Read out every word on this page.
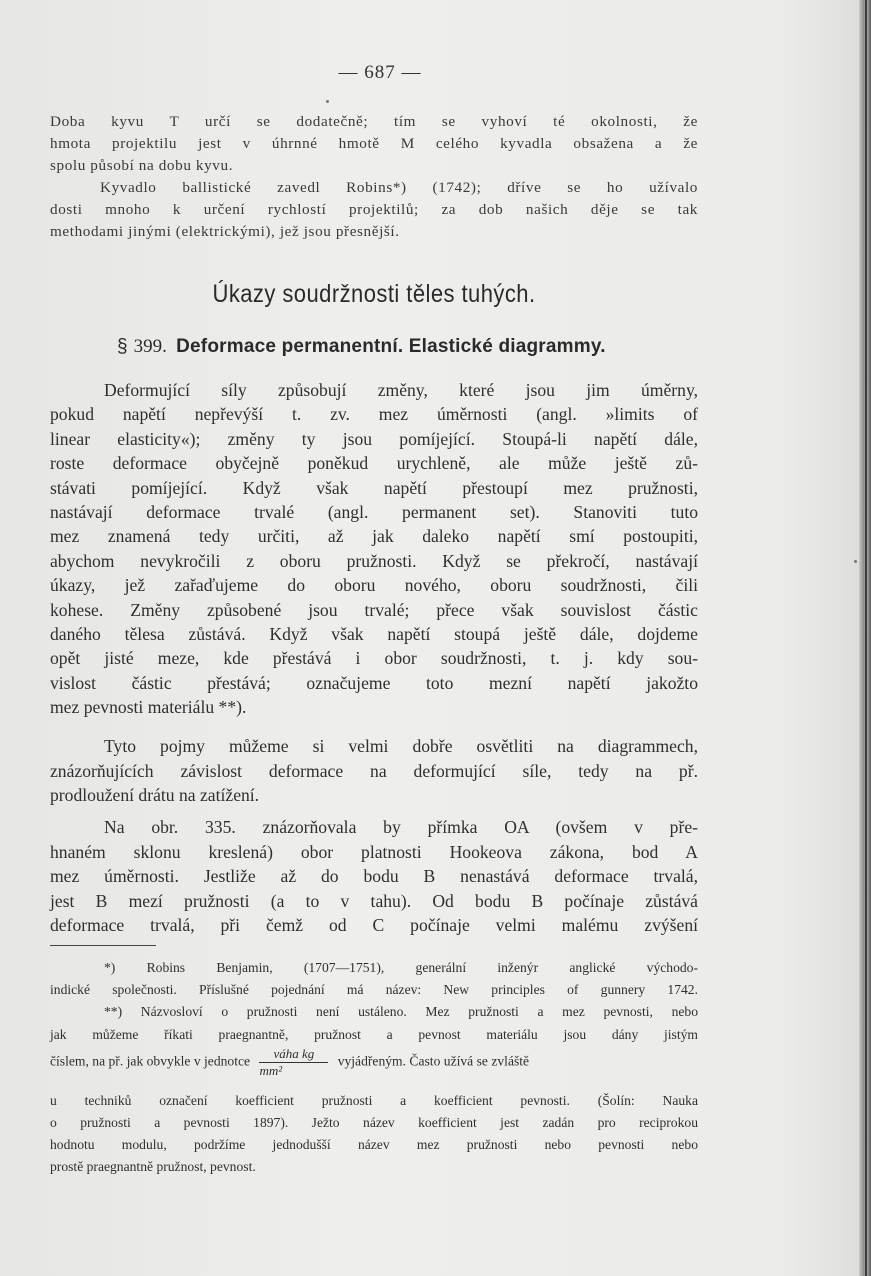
— 687 —

Doba kyvu T určí se dodatečně; tím se vyhoví té okolnosti, že

hmota projektilu jest v úhrnné hmotě M celého kyvadla obsažena a že

spolu působí na dobu kyvu.

Kyvadlo ballistické zavedl Robins*) (1742); dříve se ho užívalo

dosti mnoho k určení rychlostí projektilů; za dob našich děje se tak

methodami jinými (elektrickými), jež jsou přesnější.

Úkazy soudržnosti těles tuhých.
§ 399. Deformace permanentní. Elastické diagrammy.

Deformující síly způsobují změny, které jsou jim úměrny,

pokud napětí nepřevýší t. zv. mez úměrnosti (angl. »limits of

linear elasticity«); změny ty jsou pomíjející. Stoupá-li napětí dále,

roste deformace obyčejně poněkud urychleně, ale může ještě zů-

stávati pomíjející. Když však napětí přestoupí mez pružnosti,

nastávají deformace trvalé (angl. permanent set). Stanoviti tuto

mez znamená tedy určiti, až jak daleko napětí smí postoupiti,

abychom nevykročili z oboru pružnosti. Když se překročí, nastávají

úkazy, jež zařaďujeme do oboru nového, oboru soudržnosti, čili

kohese. Změny způsobené jsou trvalé; přece však souvislost částic

daného tělesa zůstává. Když však napětí stoupá ještě dále, dojdeme

opět jisté meze, kde přestává i obor soudržnosti, t. j. kdy sou-

vislost částic přestává; označujeme toto mezní napětí jakožto

mez pevnosti materiálu **).

Tyto pojmy můžeme si velmi dobře osvětliti na diagrammech,

znázorňujících závislost deformace na deformující síle, tedy na př.

prodloužení drátu na zatížení.

Na obr. 335. znázorňovala by přímka OA (ovšem v pře-

hnaném sklonu kreslená) obor platnosti Hookeova zákona, bod A

mez úměrnosti. Jestliže až do bodu B nenastává deformace trvalá,

jest B mezí pružnosti (a to v tahu). Od bodu B počínaje zůstává

deformace trvalá, při čemž od C počínaje velmi malému zvýšení

*) Robins Benjamin, (1707—1751), generální inženýr anglické východo-

indické společnosti. Příslušné pojednání má název: New principles of gunnery 1742.

**) Názvosloví o pružnosti není ustáleno. Mez pružnosti a mez pevnosti, nebo

jak můžeme říkati praegnantně, pružnost a pevnost materiálu jsou dány jistým

číslem, na př. jak obvykle v jednotce $\frac{\text{váha kg}}{\text{mm²}}$ vyjádřeným. Často užívá se zvláště

u techniků označení koefficient pružnosti a koefficient pevnosti. (Šolín: Nauka

o pružnosti a pevnosti 1897). Ježto název koefficient jest zadán pro reciprokou

hodnotu modulu, podržíme jednodušší název mez pružnosti nebo pevnosti nebo

prostě praegnantně pružnost, pevnost.
